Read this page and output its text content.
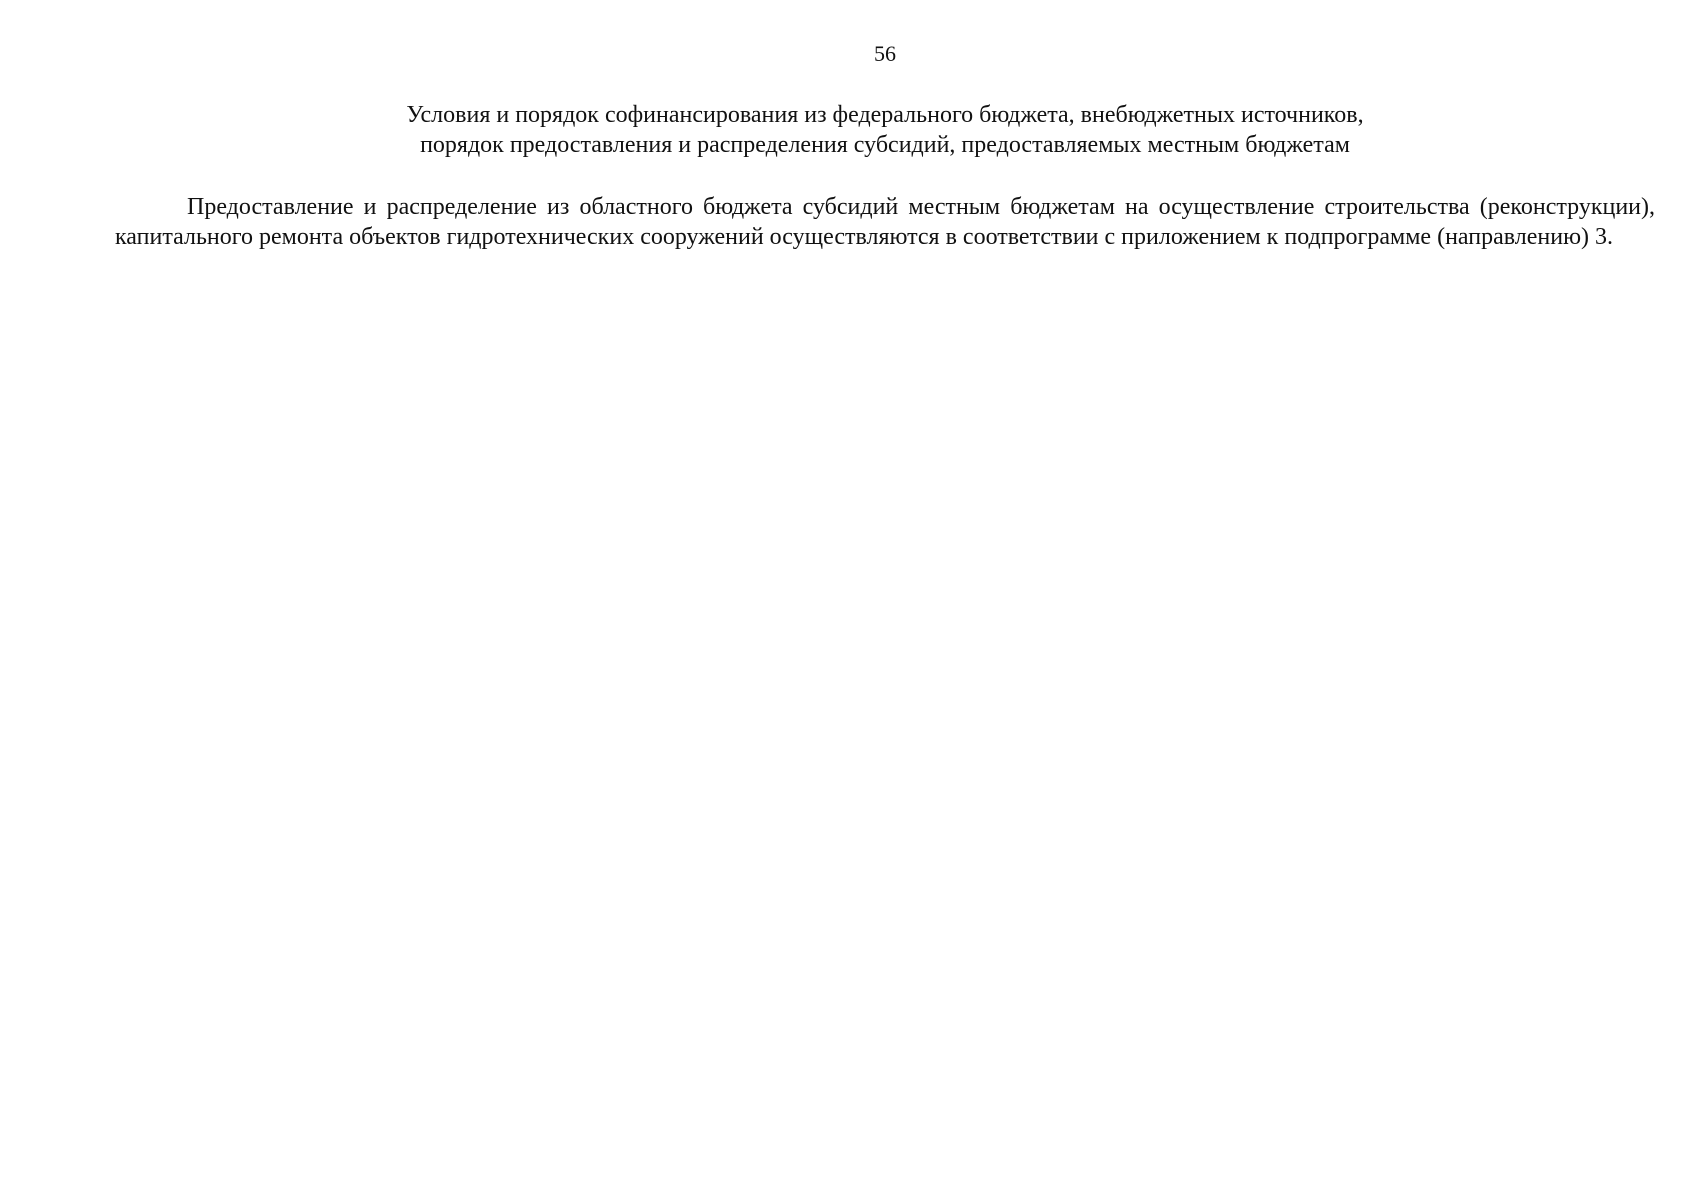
56
Условия и порядок софинансирования из федерального бюджета, внебюджетных источников,
порядок предоставления и распределения субсидий, предоставляемых местным бюджетам

Предоставление и распределение из областного бюджета субсидий местным бюджетам на осуществление строительства (реконструкции), капитального ремонта объектов гидротехнических сооружений осуществляются в соответствии с приложением к подпрограмме (направлению) 3.
